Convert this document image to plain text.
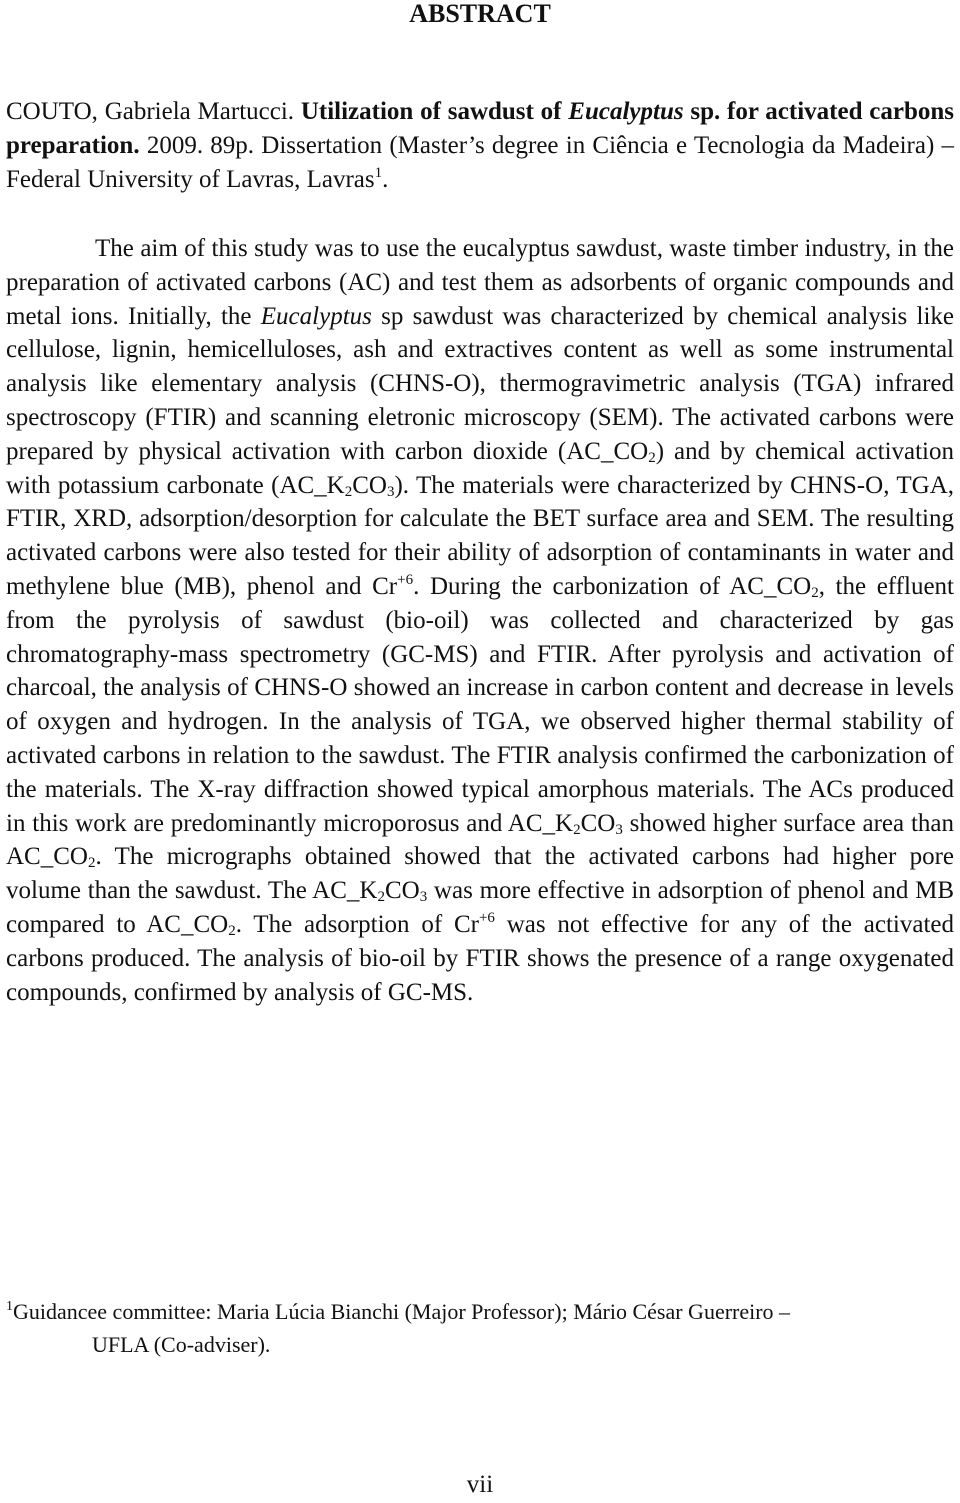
ABSTRACT

COUTO, Gabriela Martucci. Utilization of sawdust of Eucalyptus sp. for activated carbons preparation. 2009. 89p. Dissertation (Master’s degree in Ciência e Tecnologia da Madeira) – Federal University of Lavras, Lavras$^1$.

The aim of this study was to use the eucalyptus sawdust, waste timber industry, in the preparation of activated carbons (AC) and test them as adsorbents of organic compounds and metal ions. Initially, the Eucalyptus sp sawdust was characterized by chemical analysis like cellulose, lignin, hemicelluloses, ash and extractives content as well as some instrumental analysis like elementary analysis (CHNS-O), thermogravimetric analysis (TGA) infrared spectroscopy (FTIR) and scanning eletronic microscopy (SEM). The activated carbons were prepared by physical activation with carbon dioxide $(AC\_CO_2)$ and by chemical activation with potassium carbonate $(AC\_K_2CO_3)$. The materials were characterized by CHNS-O, TGA, FTIR, XRD, adsorption/desorption for calculate the BET surface area and SEM. The resulting activated carbons were also tested for their ability of adsorption of contaminants in water and methylene blue (MB), phenol and $Cr^{+6}$. During the carbonization of $AC\_CO_2$, the effluent from the pyrolysis of sawdust (bio-oil) was collected and characterized by gas chromatography-mass spectrometry (GC-MS) and FTIR. After pyrolysis and activation of charcoal, the analysis of CHNS-O showed an increase in carbon content and decrease in levels of oxygen and hydrogen. In the analysis of TGA, we observed higher thermal stability of activated carbons in relation to the sawdust. The FTIR analysis confirmed the carbonization of the materials. The X-ray diffraction showed typical amorphous materials. The ACs produced in this work are predominantly microporosus and $AC\_K_2CO_3$ showed higher surface area than $AC\_CO_2$. The micrographs obtained showed that the activated carbons had higher pore volume than the sawdust. The $AC\_K_2CO_3$ was more effective in adsorption of phenol and MB compared to $AC\_CO_2$. The adsorption of $Cr^{+6}$ was not effective for any of the activated carbons produced. The analysis of bio-oil by FTIR shows the presence of a range oxygenated compounds, confirmed by analysis of GC-MS.

$^1$Guidancee committee: Maria Lúcia Bianchi (Major Professor); Mário César Guerreiro –
UFLA (Co-adviser).

vii
